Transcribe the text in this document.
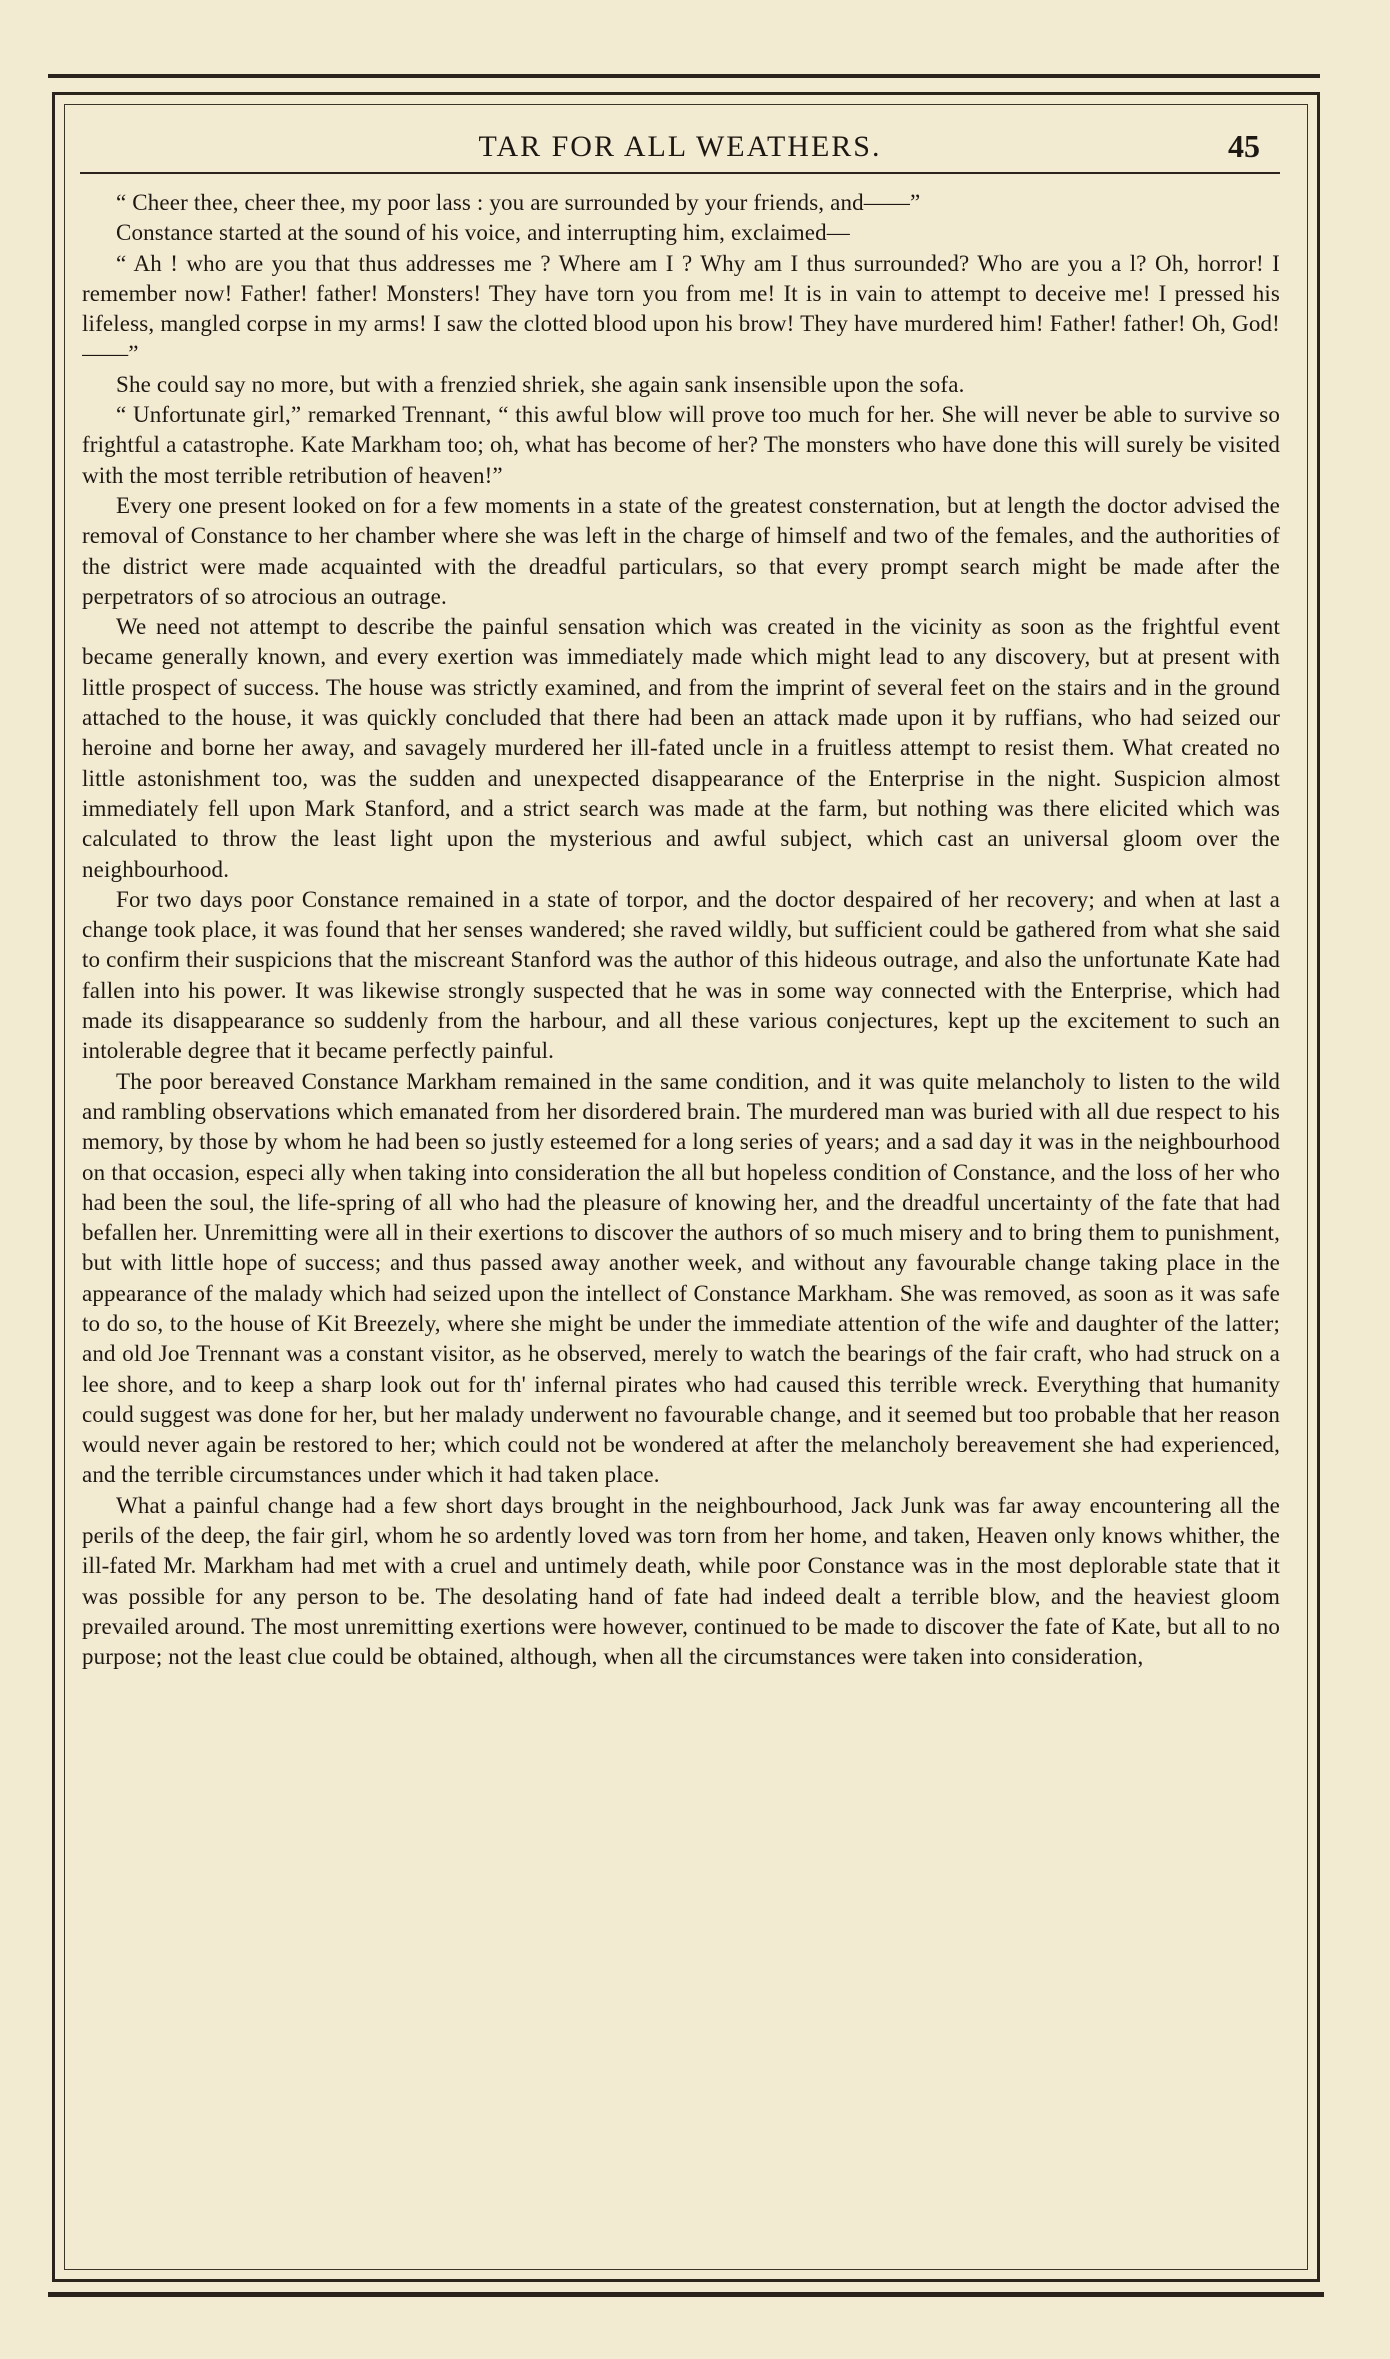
TAR FOR ALL WEATHERS.	45

“ Cheer thee, cheer thee, my poor lass : you are surrounded by your friends, and——”

Constance started at the sound of his voice, and interrupting him, exclaimed—

“ Ah ! who are you that thus addresses me ? Where am I ? Why am I thus surrounded? Who are you a l? Oh, horror! I remember now! Father! father! Monsters! They have torn you from me! It is in vain to attempt to deceive me! I pressed his lifeless, mangled corpse in my arms! I saw the clotted blood upon his brow! They have murdered him! Father! father! Oh, God!——”

She could say no more, but with a frenzied shriek, she again sank insensible upon the sofa.

“ Unfortunate girl,” remarked Trennant, “ this awful blow will prove too much for her. She will never be able to survive so frightful a catastrophe. Kate Markham too; oh, what has become of her? The monsters who have done this will surely be visited with the most terrible retribution of heaven!”

Every one present looked on for a few moments in a state of the greatest consternation, but at length the doctor advised the removal of Constance to her chamber where she was left in the charge of himself and two of the females, and the authorities of the district were made acquainted with the dreadful particulars, so that every prompt search might be made after the perpetrators of so atrocious an outrage.

We need not attempt to describe the painful sensation which was created in the vicinity as soon as the frightful event became generally known, and every exertion was immediately made which might lead to any discovery, but at present with little prospect of success. The house was strictly examined, and from the imprint of several feet on the stairs and in the ground attached to the house, it was quickly concluded that there had been an attack made upon it by ruffians, who had seized our heroine and borne her away, and savagely murdered her ill-fated uncle in a fruitless attempt to resist them. What created no little astonishment too, was the sudden and unexpected disappearance of the Enterprise in the night. Suspicion almost immediately fell upon Mark Stanford, and a strict search was made at the farm, but nothing was there elicited which was calculated to throw the least light upon the mysterious and awful subject, which cast an universal gloom over the neighbourhood.

For two days poor Constance remained in a state of torpor, and the doctor despaired of her recovery; and when at last a change took place, it was found that her senses wandered; she raved wildly, but sufficient could be gathered from what she said to confirm their suspicions that the miscreant Stanford was the author of this hideous outrage, and also the unfortunate Kate had fallen into his power. It was likewise strongly suspected that he was in some way connected with the Enterprise, which had made its disappearance so suddenly from the harbour, and all these various conjectures, kept up the excitement to such an intolerable degree that it became perfectly painful.

The poor bereaved Constance Markham remained in the same condition, and it was quite melancholy to listen to the wild and rambling observations which emanated from her disordered brain. The murdered man was buried with all due respect to his memory, by those by whom he had been so justly esteemed for a long series of years; and a sad day it was in the neighbourhood on that occasion, especi ally when taking into consideration the all but hopeless condition of Constance, and the loss of her who had been the soul, the life-spring of all who had the pleasure of knowing her, and the dreadful uncertainty of the fate that had befallen her. Unremitting were all in their exertions to discover the authors of so much misery and to bring them to punishment, but with little hope of success; and thus passed away another week, and without any favourable change taking place in the appearance of the malady which had seized upon the intellect of Constance Markham. She was removed, as soon as it was safe to do so, to the house of Kit Breezely, where she might be under the immediate attention of the wife and daughter of the latter; and old Joe Trennant was a constant visitor, as he observed, merely to watch the bearings of the fair craft, who had struck on a lee shore, and to keep a sharp look out for th' infernal pirates who had caused this terrible wreck. Everything that humanity could suggest was done for her, but her malady underwent no favourable change, and it seemed but too probable that her reason would never again be restored to her; which could not be wondered at after the melancholy bereavement she had experienced, and the terrible circumstances under which it had taken place.

What a painful change had a few short days brought in the neighbourhood, Jack Junk was far away encountering all the perils of the deep, the fair girl, whom he so ardently loved was torn from her home, and taken, Heaven only knows whither, the ill-fated Mr. Markham had met with a cruel and untimely death, while poor Constance was in the most deplorable state that it was possible for any person to be. The desolating hand of fate had indeed dealt a terrible blow, and the heaviest gloom prevailed around. The most unremitting exertions were however, continued to be made to discover the fate of Kate, but all to no purpose; not the least clue could be obtained, although, when all the circumstances were taken into consideration,
